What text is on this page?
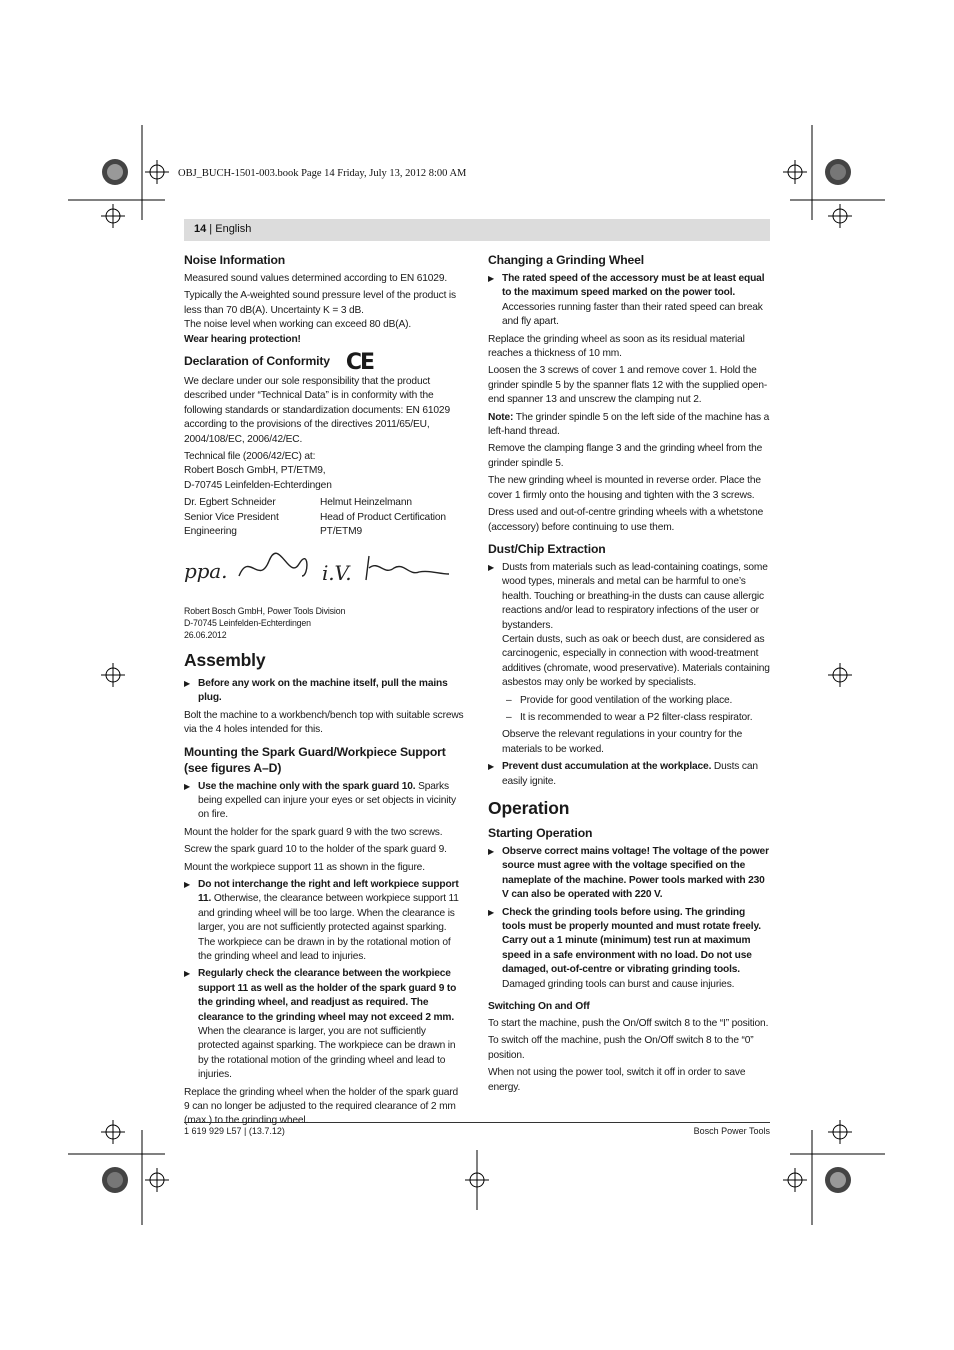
OBJ_BUCH-1501-003.book Page 14 Friday, July 13, 2012 8:00 AM
14 | English
Noise Information

Measured sound values determined according to EN 61029.

Typically the A-weighted sound pressure level of the product is less than 70 dB(A). Uncertainty K = 3 dB.

The noise level when working can exceed 80 dB(A).

Wear hearing protection!

Declaration of Conformity CE

We declare under our sole responsibility that the product described under “Technical Data” is in conformity with the following standards or standardization documents: EN 61029 according to the provisions of the directives 2011/65/EU, 2004/108/EC, 2006/42/EC.

Technical file (2006/42/EC) at:

Robert Bosch GmbH, PT/ETM9,

D-70745 Leinfelden-Echterdingen

Dr. Egbert Schneider
Senior Vice President
Engineering
Helmut Heinzelmann
Head of Product Certification
PT/ETM9
ppa.	i.V.
Robert Bosch GmbH, Power Tools Division
D-70745 Leinfelden-Echterdingen
26.06.2012
Assembly

▶ Before any work on the machine itself, pull the mains plug.

Bolt the machine to a workbench/bench top with suitable screws via the 4 holes intended for this.

Mounting the Spark Guard/Workpiece Support (see figures A–D)

▶ Use the machine only with the spark guard 10. Sparks being expelled can injure your eyes or set objects in vicinity on fire.

Mount the holder for the spark guard 9 with the two screws.

Screw the spark guard 10 to the holder of the spark guard 9.

Mount the workpiece support 11 as shown in the figure.

▶ Do not interchange the right and left workpiece support 11. Otherwise, the clearance between workpiece support 11 and grinding wheel will be too large. When the clearance is larger, you are not sufficiently protected against sparking. The workpiece can be drawn in by the rotational motion of the grinding wheel and lead to injuries.

▶ Regularly check the clearance between the workpiece support 11 as well as the holder of the spark guard 9 to the grinding wheel, and readjust as required. The clearance to the grinding wheel may not exceed 2 mm. When the clearance is larger, you are not sufficiently protected against sparking. The workpiece can be drawn in by the rotational motion of the grinding wheel and lead to injuries.

Replace the grinding wheel when the holder of the spark guard 9 can no longer be adjusted to the required clearance of 2 mm (max.) to the grinding wheel.

Changing a Grinding Wheel

▶ The rated speed of the accessory must be at least equal to the maximum speed marked on the power tool. Accessories running faster than their rated speed can break and fly apart.

Replace the grinding wheel as soon as its residual material reaches a thickness of 10 mm.

Loosen the 3 screws of cover 1 and remove cover 1. Hold the grinder spindle 5 by the spanner flats 12 with the supplied open-end spanner 13 and unscrew the clamping nut 2.

Note: The grinder spindle 5 on the left side of the machine has a left-hand thread.

Remove the clamping flange 3 and the grinding wheel from the grinder spindle 5.

The new grinding wheel is mounted in reverse order. Place the cover 1 firmly onto the housing and tighten with the 3 screws.

Dress used and out-of-centre grinding wheels with a whetstone (accessory) before continuing to use them.

Dust/Chip Extraction

▶ Dusts from materials such as lead-containing coatings, some wood types, minerals and metal can be harmful to one’s health. Touching or breathing-in the dusts can cause allergic reactions and/or lead to respiratory infections of the user or bystanders.

Certain dusts, such as oak or beech dust, are considered as carcinogenic, especially in connection with wood-treatment additives (chromate, wood preservative). Materials containing asbestos may only be worked by specialists.

– Provide for good ventilation of the working place.

– It is recommended to wear a P2 filter-class respirator.

Observe the relevant regulations in your country for the materials to be worked.

▶ Prevent dust accumulation at the workplace. Dusts can easily ignite.

Operation
Starting Operation

▶ Observe correct mains voltage! The voltage of the power source must agree with the voltage specified on the nameplate of the machine. Power tools marked with 230 V can also be operated with 220 V.

▶ Check the grinding tools before using. The grinding tools must be properly mounted and must rotate freely. Carry out a 1 minute (minimum) test run at maximum speed in a safe environment with no load. Do not use damaged, out-of-centre or vibrating grinding tools.
Damaged grinding tools can burst and cause injuries.

Switching On and Off

To start the machine, push the On/Off switch 8 to the “I” position.

To switch off the machine, push the On/Off switch 8 to the “0” position.

When not using the power tool, switch it off in order to save energy.

1 619 929 L57 | (13.7.12)	Bosch Power Tools
